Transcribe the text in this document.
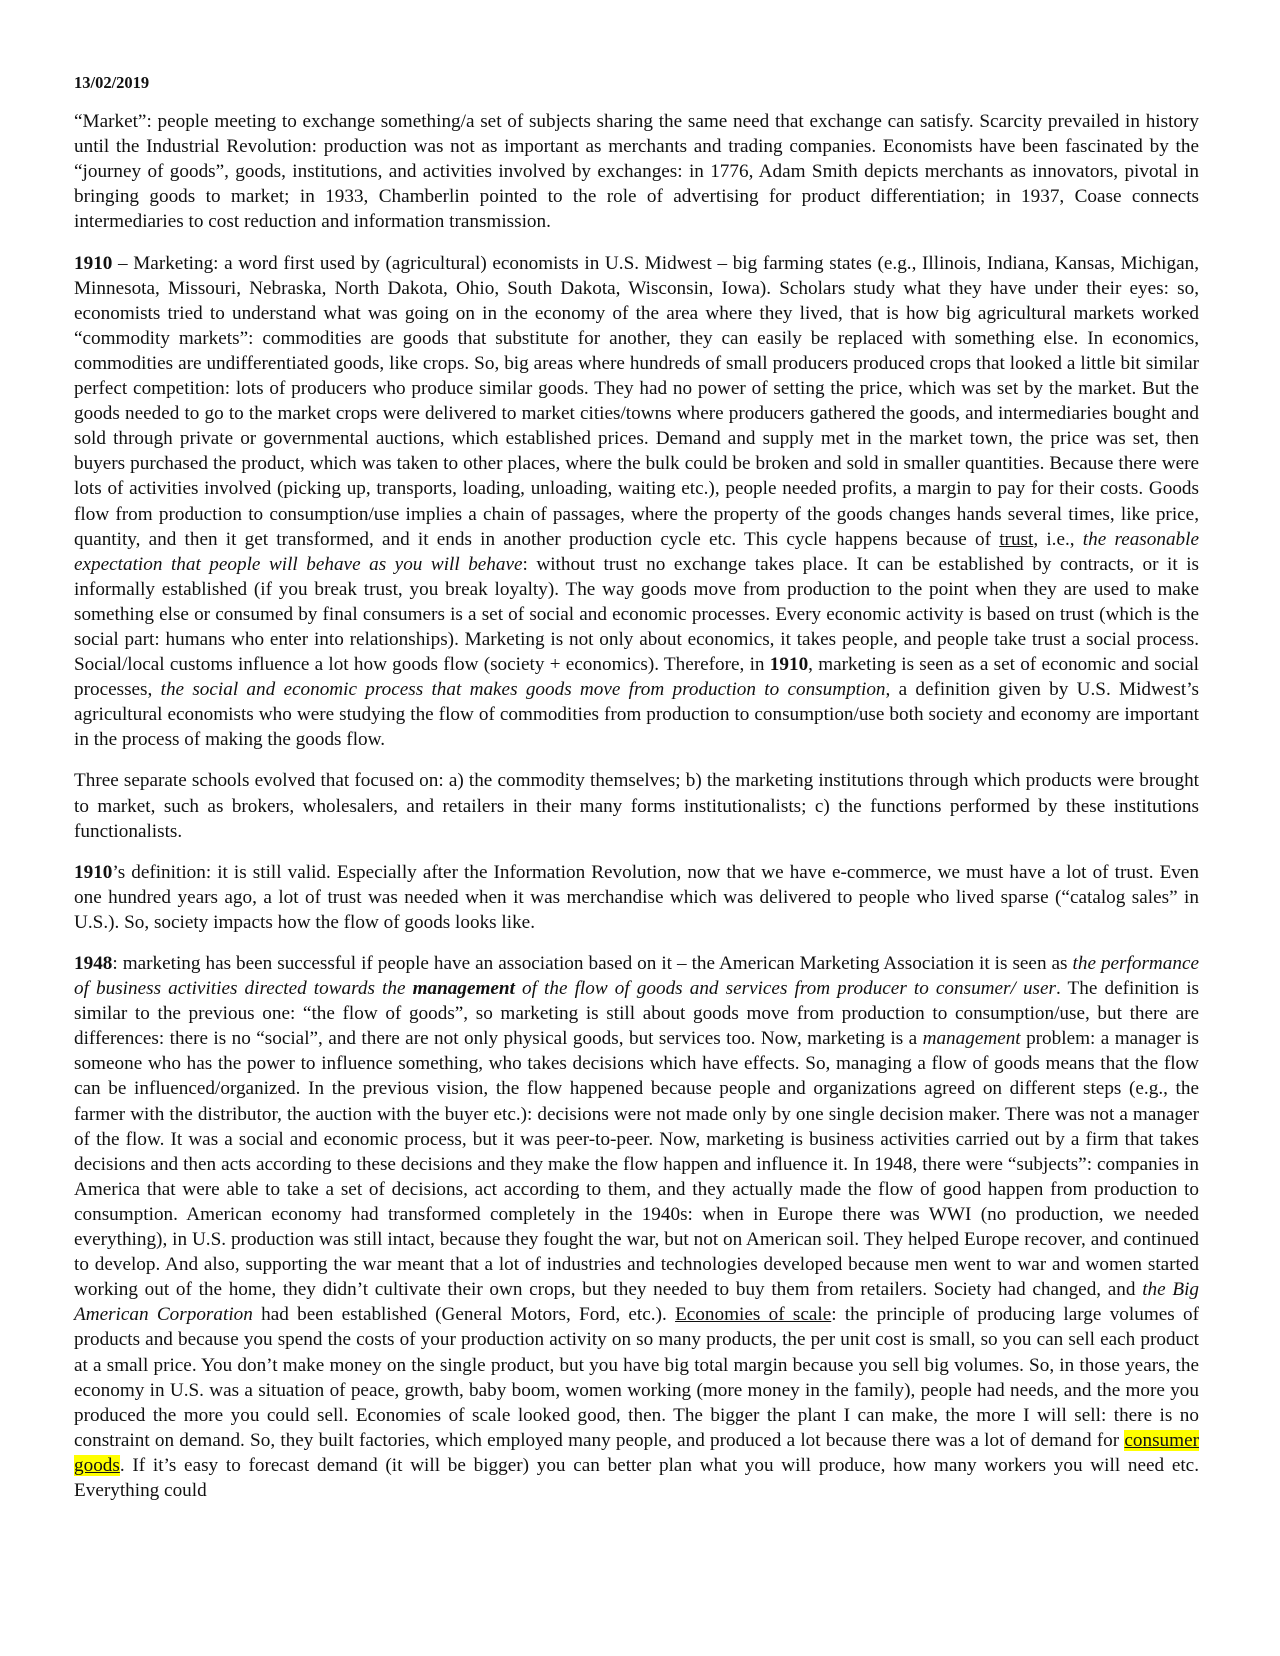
13/02/2019

“Market”: people meeting to exchange something/a set of subjects sharing the same need that exchange can satisfy. Scarcity prevailed in history until the Industrial Revolution: production was not as important as merchants and trading companies. Economists have been fascinated by the “journey of goods”, goods, institutions, and activities involved by exchanges: in 1776, Adam Smith depicts merchants as innovators, pivotal in bringing goods to market; in 1933, Chamberlin pointed to the role of advertising for product differentiation; in 1937, Coase connects intermediaries to cost reduction and information transmission.

1910 – Marketing: a word first used by (agricultural) economists in U.S. Midwest – big farming states (e.g., Illinois, Indiana, Kansas, Michigan, Minnesota, Missouri, Nebraska, North Dakota, Ohio, South Dakota, Wisconsin, Iowa). Scholars study what they have under their eyes: so, economists tried to understand what was going on in the economy of the area where they lived, that is how big agricultural markets worked “commodity markets”: commodities are goods that substitute for another, they can easily be replaced with something else. In economics, commodities are undifferentiated goods, like crops. So, big areas where hundreds of small producers produced crops that looked a little bit similar perfect competition: lots of producers who produce similar goods. They had no power of setting the price, which was set by the market. But the goods needed to go to the market crops were delivered to market cities/towns where producers gathered the goods, and intermediaries bought and sold through private or governmental auctions, which established prices. Demand and supply met in the market town, the price was set, then buyers purchased the product, which was taken to other places, where the bulk could be broken and sold in smaller quantities. Because there were lots of activities involved (picking up, transports, loading, unloading, waiting etc.), people needed profits, a margin to pay for their costs. Goods flow from production to consumption/use implies a chain of passages, where the property of the goods changes hands several times, like price, quantity, and then it get transformed, and it ends in another production cycle etc. This cycle happens because of trust, i.e., the reasonable expectation that people will behave as you will behave: without trust no exchange takes place. It can be established by contracts, or it is informally established (if you break trust, you break loyalty). The way goods move from production to the point when they are used to make something else or consumed by final consumers is a set of social and economic processes. Every economic activity is based on trust (which is the social part: humans who enter into relationships). Marketing is not only about economics, it takes people, and people take trust a social process. Social/local customs influence a lot how goods flow (society + economics). Therefore, in 1910, marketing is seen as a set of economic and social processes, the social and economic process that makes goods move from production to consumption, a definition given by U.S. Midwest’s agricultural economists who were studying the flow of commodities from production to consumption/use both society and economy are important in the process of making the goods flow.

Three separate schools evolved that focused on: a) the commodity themselves; b) the marketing institutions through which products were brought to market, such as brokers, wholesalers, and retailers in their many forms institutionalists; c) the functions performed by these institutions functionalists.

1910’s definition: it is still valid. Especially after the Information Revolution, now that we have e-commerce, we must have a lot of trust. Even one hundred years ago, a lot of trust was needed when it was merchandise which was delivered to people who lived sparse (“catalog sales” in U.S.). So, society impacts how the flow of goods looks like.

1948: marketing has been successful if people have an association based on it – the American Marketing Association it is seen as the performance of business activities directed towards the management of the flow of goods and services from producer to consumer/ user. The definition is similar to the previous one: “the flow of goods”, so marketing is still about goods move from production to consumption/use, but there are differences: there is no “social”, and there are not only physical goods, but services too. Now, marketing is a management problem: a manager is someone who has the power to influence something, who takes decisions which have effects. So, managing a flow of goods means that the flow can be influenced/organized. In the previous vision, the flow happened because people and organizations agreed on different steps (e.g., the farmer with the distributor, the auction with the buyer etc.): decisions were not made only by one single decision maker. There was not a manager of the flow. It was a social and economic process, but it was peer-to-peer. Now, marketing is business activities carried out by a firm that takes decisions and then acts according to these decisions and they make the flow happen and influence it. In 1948, there were “subjects”: companies in America that were able to take a set of decisions, act according to them, and they actually made the flow of good happen from production to consumption. American economy had transformed completely in the 1940s: when in Europe there was WWI (no production, we needed everything), in U.S. production was still intact, because they fought the war, but not on American soil. They helped Europe recover, and continued to develop. And also, supporting the war meant that a lot of industries and technologies developed because men went to war and women started working out of the home, they didn’t cultivate their own crops, but they needed to buy them from retailers. Society had changed, and the Big American Corporation had been established (General Motors, Ford, etc.). Economies of scale: the principle of producing large volumes of products and because you spend the costs of your production activity on so many products, the per unit cost is small, so you can sell each product at a small price. You don’t make money on the single product, but you have big total margin because you sell big volumes. So, in those years, the economy in U.S. was a situation of peace, growth, baby boom, women working (more money in the family), people had needs, and the more you produced the more you could sell. Economies of scale looked good, then. The bigger the plant I can make, the more I will sell: there is no constraint on demand. So, they built factories, which employed many people, and produced a lot because there was a lot of demand for consumer goods. If it’s easy to forecast demand (it will be bigger) you can better plan what you will produce, how many workers you will need etc. Everything could
